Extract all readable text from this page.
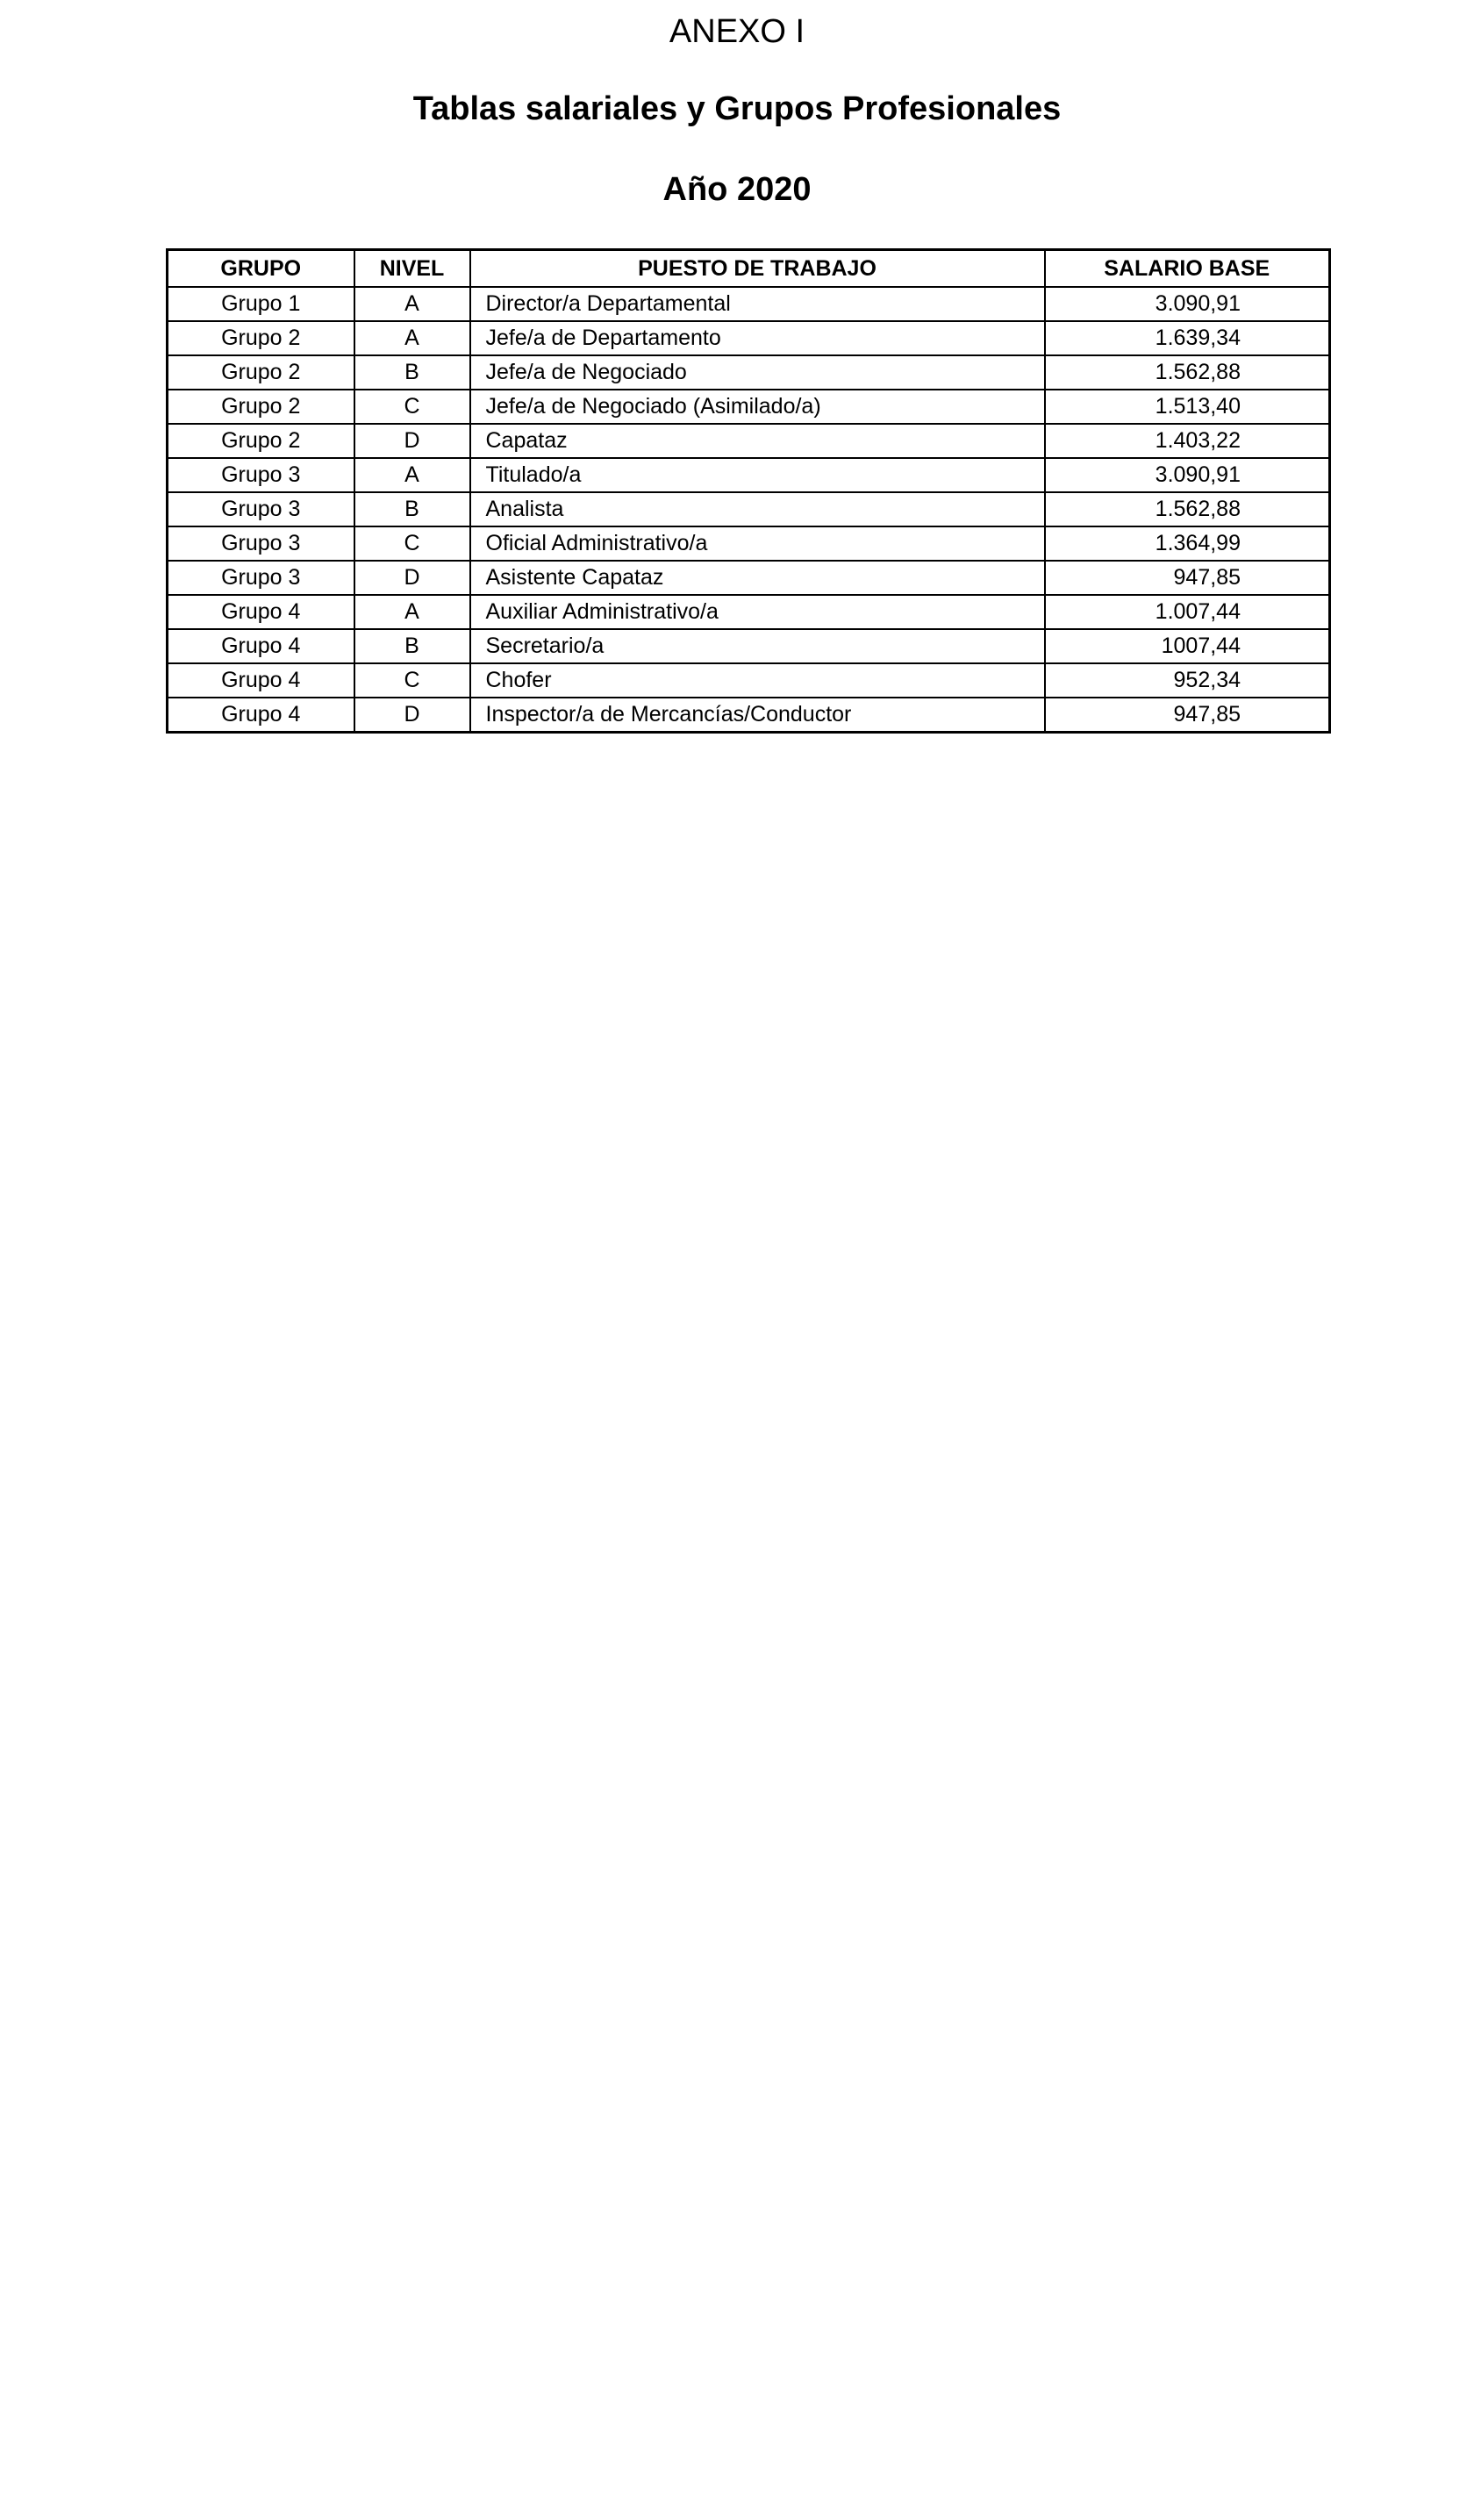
ANEXO I
Tablas salariales y Grupos Profesionales
Año 2020
GRUPO	NIVEL	PUESTO DE TRABAJO	SALARIO BASE
Grupo 1	A	Director/a Departamental	3.090,91
Grupo 2	A	Jefe/a de Departamento	1.639,34
Grupo 2	B	Jefe/a de Negociado	1.562,88
Grupo 2	C	Jefe/a de Negociado (Asimilado/a)	1.513,40
Grupo 2	D	Capataz	1.403,22
Grupo 3	A	Titulado/a	3.090,91
Grupo 3	B	Analista	1.562,88
Grupo 3	C	Oficial Administrativo/a	1.364,99
Grupo 3	D	Asistente Capataz	947,85
Grupo 4	A	Auxiliar Administrativo/a	1.007,44
Grupo 4	B	Secretario/a	1007,44
Grupo 4	C	Chofer	952,34
Grupo 4	D	Inspector/a de Mercancías/Conductor	947,85
